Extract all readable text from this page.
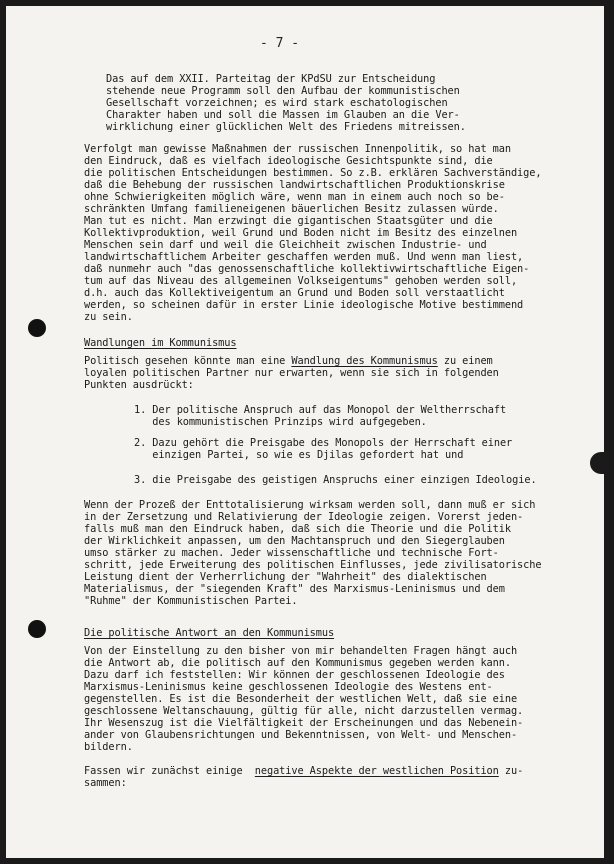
- 7 -
Das auf dem XXII. Parteitag der KPdSU zur Entscheidung
stehende neue Programm soll den Aufbau der kommunistischen
Gesellschaft vorzeichnen; es wird stark eschatologischen
Charakter haben und soll die Massen im Glauben an die Ver-
wirklichung einer glücklichen Welt des Friedens mitreissen.
Verfolgt man gewisse Maßnahmen der russischen Innenpolitik, so hat man
den Eindruck, daß es vielfach ideologische Gesichtspunkte sind, die
die politischen Entscheidungen bestimmen. So z.B. erklären Sachverständige,
daß die Behebung der russischen landwirtschaftlichen Produktionskrise
ohne Schwierigkeiten möglich wäre, wenn man in einem auch noch so be-
schränkten Umfang familieneigenen bäuerlichen Besitz zulassen würde.
Man tut es nicht. Man erzwingt die gigantischen Staatsgüter und die
Kollektivproduktion, weil Grund und Boden nicht im Besitz des einzelnen
Menschen sein darf und weil die Gleichheit zwischen Industrie- und
landwirtschaftlichem Arbeiter geschaffen werden muß. Und wenn man liest,
daß nunmehr auch "das genossenschaftliche kollektivwirtschaftliche Eigen-
tum auf das Niveau des allgemeinen Volkseigentums" gehoben werden soll,
d.h. auch das Kollektiveigentum an Grund und Boden soll verstaatlicht
werden, so scheinen dafür in erster Linie ideologische Motive bestimmend
zu sein.
Wandlungen im Kommunismus
Politisch gesehen könnte man eine Wandlung des Kommunismus zu einem
loyalen politischen Partner nur erwarten, wenn sie sich in folgenden
Punkten ausdrückt:
1. Der politische Anspruch auf das Monopol der Weltherrschaft
des kommunistischen Prinzips wird aufgegeben.
2. Dazu gehört die Preisgabe des Monopols der Herrschaft einer
einzigen Partei, so wie es Djilas gefordert hat und
3. die Preisgabe des geistigen Anspruchs einer einzigen Ideologie.
Wenn der Prozeß der Enttotalisierung wirksam werden soll, dann muß er sich
in der Zersetzung und Relativierung der Ideologie zeigen. Vorerst jeden-
falls muß man den Eindruck haben, daß sich die Theorie und die Politik
der Wirklichkeit anpassen, um den Machtanspruch und den Siegerglauben
umso stärker zu machen. Jeder wissenschaftliche und technische Fort-
schritt, jede Erweiterung des politischen Einflusses, jede zivilisatorische
Leistung dient der Verherrlichung der "Wahrheit" des dialektischen
Materialismus, der "siegenden Kraft" des Marxismus-Leninismus und dem
"Ruhme" der Kommunistischen Partei.
Die politische Antwort an den Kommunismus
Von der Einstellung zu den bisher von mir behandelten Fragen hängt auch
die Antwort ab, die politisch auf den Kommunismus gegeben werden kann.
Dazu darf ich feststellen: Wir können der geschlossenen Ideologie des
Marxismus-Leninismus keine geschlossenen Ideologie des Westens ent-
gegenstellen. Es ist die Besonderheit der westlichen Welt, daß sie eine
geschlossene Weltanschauung, gültig für alle, nicht darzustellen vermag.
Ihr Wesenszug ist die Vielfältigkeit der Erscheinungen und das Nebenein-
ander von Glaubensrichtungen und Bekenntnissen, von Welt- und Menschen-
bildern.
Fassen wir zunächst einige  negative Aspekte der westlichen Position zu-
sammen:
